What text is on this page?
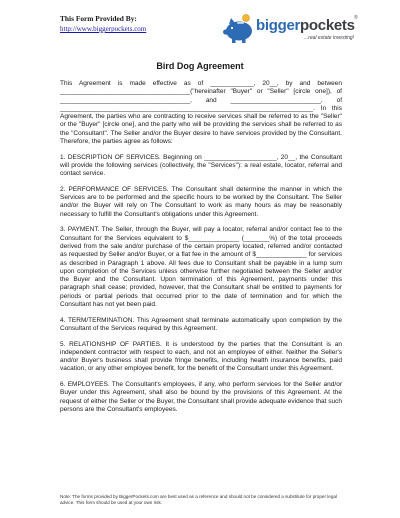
This Form Provided By:
http://www.biggerpockets.com	biggerpockets ®
...real estate investing!
Bird Dog Agreement

This Agreement is made effective as of ____________, 20__, by and between ____________________________________("hereinafter "Buyer" or "Seller" [circle one]), of ____________________________________, and _________________________, of ______________________________________________________________________. In this Agreement, the parties who are contracting to receive services shall be referred to as the "Seller" or the "Buyer" [circle one], and the party who will be providing the services shall be referred to as the "Consultant". The Seller and/or the Buyer desire to have services provided by the Consultant. Therefore, the parties agree as follows:

1. DESCRIPTION OF SERVICES. Beginning on ____________________, 20__, the Consultant will provide the following services (collectively, the "Services"): a real estate, locator, referral and contact service.

2. PERFORMANCE OF SERVICES. The Consultant shall determine the manner in which the Services are to be performed and the specific hours to be worked by the Consultant. The Seller and/or the Buyer will rely on The Consultant to work as many hours as may be reasonably necessary to fulfill the Consultant's obligations under this Agreement.

3. PAYMENT. The Seller, through the Buyer, will pay a locator, referral and/or contact fee to the Consultant for the Services equivalent to $______________ (_______%) of the total proceeds derived from the sale and/or purchase of the certain property located, referred and/or contacted as requested by Seller and/or Buyer, or a flat fee in the amount of $______________ for services as described in Paragraph 1 above. All fees due to Consultant shall be payable in a lump sum upon completion of the Services unless otherwise further negotiated between the Seller and/or the Buyer and the Consultant. Upon termination of this Agreement, payments under this paragraph shall cease; provided, however, that the Consultant shall be entitled to payments for periods or partial periods that occurred prior to the date of termination and for which the Consultant has not yet been paid.

4. TERM/TERMINATION. This Agreement shall terminate automatically upon completion by the Consultant of the Services required by this Agreement.

5. RELATIONSHIP OF PARTIES. It is understood by the parties that the Consultant is an independent contractor with respect to each, and not an employee of either. Neither the Seller's and/or Buyer's business shall provide fringe benefits, including health insurance benefits, paid vacation, or any other employee benefit, for the benefit of the Consultant under this Agreement.

6. EMPLOYEES. The Consultant's employees, if any, who perform services for the Seller and/or Buyer under this Agreement, shall also be bound by the provisions of this Agreement. At the request of either the Seller or the Buyer, the Consultant shall provide adequate evidence that such persons are the Consultant's employees.

Note: The forms provided by BiggerPockets.com are best used as a reference and should not be considered a substitute for proper legal advice. This form should be used at your own risk.
